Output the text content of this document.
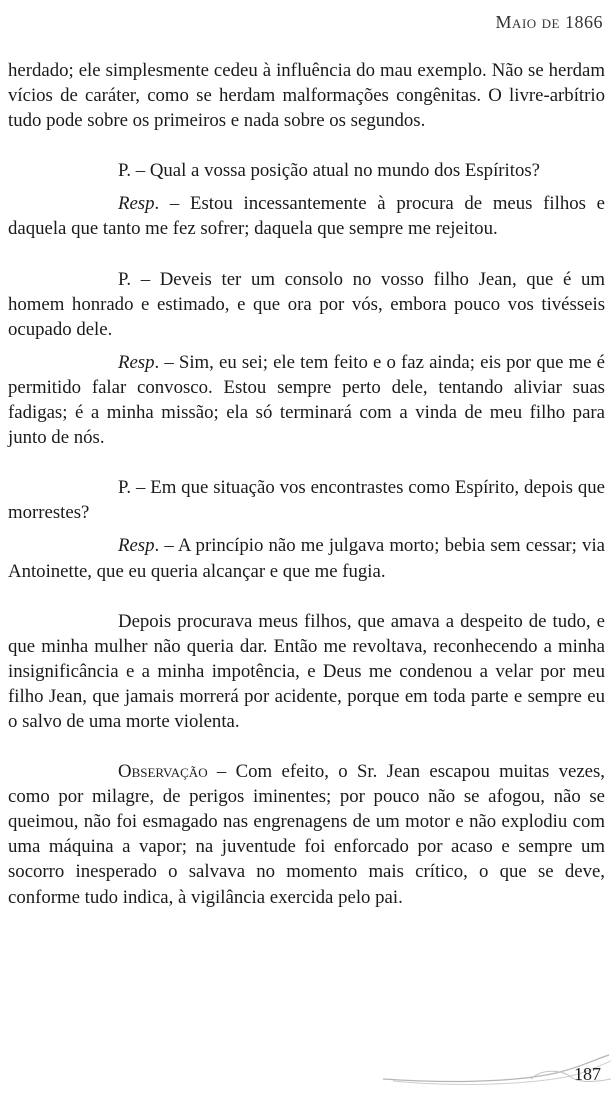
Maio de 1866

herdado; ele simplesmente cedeu à influência do mau exemplo. Não se herdam vícios de caráter, como se herdam malformações congênitas. O livre-arbítrio tudo pode sobre os primeiros e nada sobre os segundos.

P. – Qual a vossa posição atual no mundo dos Espíritos?

Resp. – Estou incessantemente à procura de meus filhos e daquela que tanto me fez sofrer; daquela que sempre me rejeitou.

P. – Deveis ter um consolo no vosso filho Jean, que é um homem honrado e estimado, e que ora por vós, embora pouco vos tivésseis ocupado dele.

Resp. – Sim, eu sei; ele tem feito e o faz ainda; eis por que me é permitido falar convosco. Estou sempre perto dele, tentando aliviar suas fadigas; é a minha missão; ela só terminará com a vinda de meu filho para junto de nós.

P. – Em que situação vos encontrastes como Espírito, depois que morrestes?

Resp. – A princípio não me julgava morto; bebia sem cessar; via Antoinette, que eu queria alcançar e que me fugia.

Depois procurava meus filhos, que amava a despeito de tudo, e que minha mulher não queria dar. Então me revoltava, reconhecendo a minha insignificância e a minha impotência, e Deus me condenou a velar por meu filho Jean, que jamais morrerá por acidente, porque em toda parte e sempre eu o salvo de uma morte violenta.

Observação – Com efeito, o Sr. Jean escapou muitas vezes, como por milagre, de perigos iminentes; por pouco não se afogou, não se queimou, não foi esmagado nas engrenagens de um motor e não explodiu com uma máquina a vapor; na juventude foi enforcado por acaso e sempre um socorro inesperado o salvava no momento mais crítico, o que se deve, conforme tudo indica, à vigilância exercida pelo pai.

187
